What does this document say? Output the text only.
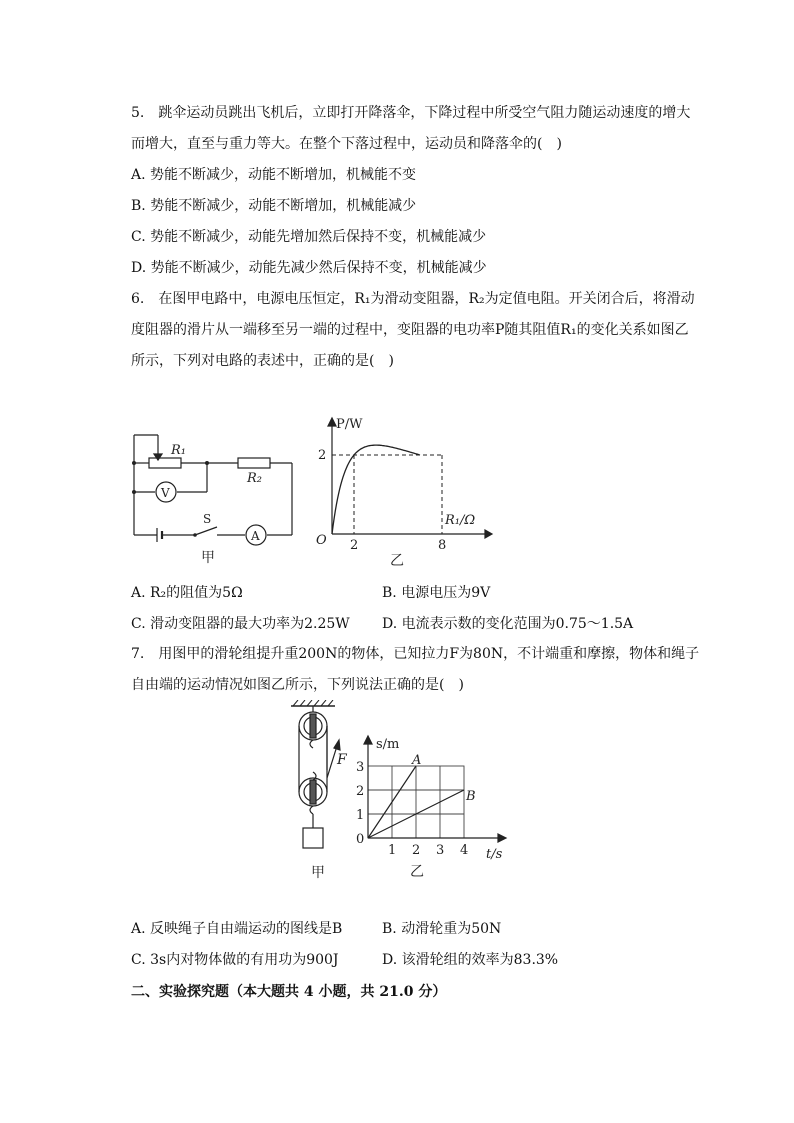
5.　跳伞运动员跳出飞机后，立即打开降落伞，下降过程中所受空气阻力随运动速度的增大
而增大，直至与重力等大。在整个下落过程中，运动员和降落伞的(　)
A. 势能不断减少，动能不断增加，机械能不变
B. 势能不断减少，动能不断增加，机械能减少
C. 势能不断减少，动能先增加然后保持不变，机械能减少
D. 势能不断减少，动能先减少然后保持不变，机械能减少
6.　在图甲电路中，电源电压恒定，R₁为滑动变阻器，R₂为定值电阻。开关闭合后，将滑动
度阻器的滑片从一端移至另一端的过程中，变阻器的电功率P随其阻值R₁的变化关系如图乙
所示，下列对电路的表述中，正确的是(　)
R₁
R₂
V
S
A
甲
P/W
R₁/Ω
O
2
2	8
乙
A. R₂的阻值为5Ω	B. 电源电压为9V
C. 滑动变阻器的最大功率为2.25W D. 电流表示数的变化范围为0.75～1.5A
7.　用图甲的滑轮组提升重200N的物体，已知拉力F为80N，不计端重和摩擦，物体和绳子
自由端的运动情况如图乙所示，下列说法正确的是(　)
F
甲
s/m
t/s
A
B
0
1
2
3
1 2 3 4
乙
A. 反映绳子自由端运动的图线是B	B. 动滑轮重为50N
C. 3s内对物体做的有用功为900J	D. 该滑轮组的效率为83.3%
二、实验探究题（本大题共 4 小题，共 21.0 分）
